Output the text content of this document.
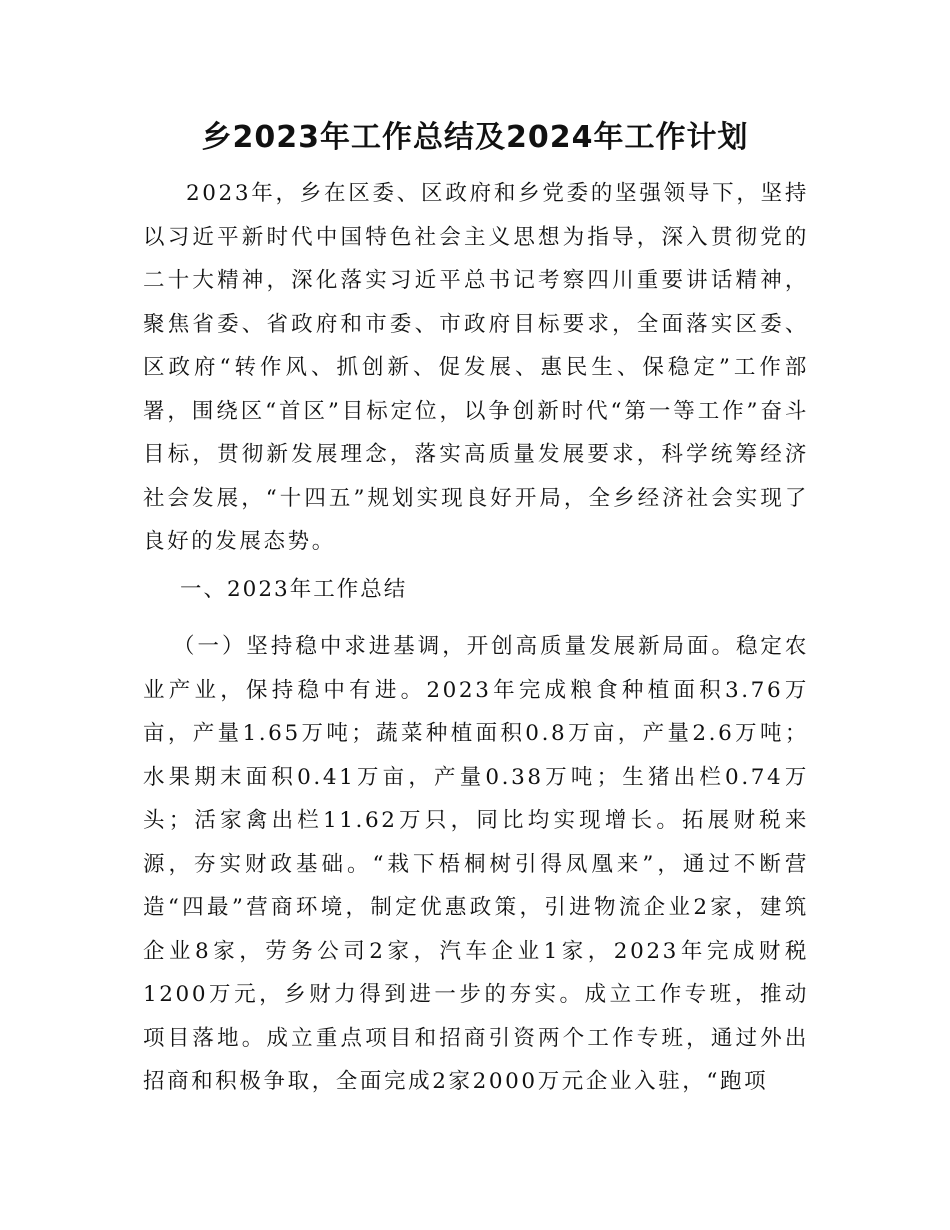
乡2023年工作总结及2024年工作计划
2023年，乡在区委、区政府和乡党委的坚强领导下，坚持以习近平新时代中国特色社会主义思想为指导，深入贯彻党的二十大精神，深化落实习近平总书记考察四川重要讲话精神，聚焦省委、省政府和市委、市政府目标要求，全面落实区委、区政府“转作风、抓创新、促发展、惠民生、保稳定”工作部署，围绕区“首区”目标定位，以争创新时代“第一等工作”奋斗目标，贯彻新发展理念，落实高质量发展要求，科学统筹经济社会发展，“十四五”规划实现良好开局，全乡经济社会实现了良好的发展态势。
一、2023年工作总结
（一）坚持稳中求进基调，开创高质量发展新局面。稳定农业产业，保持稳中有进。2023年完成粮食种植面积3.76万亩，产量1.65万吨；蔬菜种植面积0.8万亩，产量2.6万吨；水果期末面积0.41万亩，产量0.38万吨；生猪出栏0.74万头；活家禽出栏11.62万只，同比均实现增长。拓展财税来源，夯实财政基础。“栽下梧桐树引得凤凰来”，通过不断营造“四最”营商环境，制定优惠政策，引进物流企业2家，建筑企业8家，劳务公司2家，汽车企业1家，2023年完成财税1200万元，乡财力得到进一步的夯实。成立工作专班，推动项目落地。成立重点项目和招商引资两个工作专班，通过外出招商和积极争取，全面完成2家2000万元企业入驻，“跑项
